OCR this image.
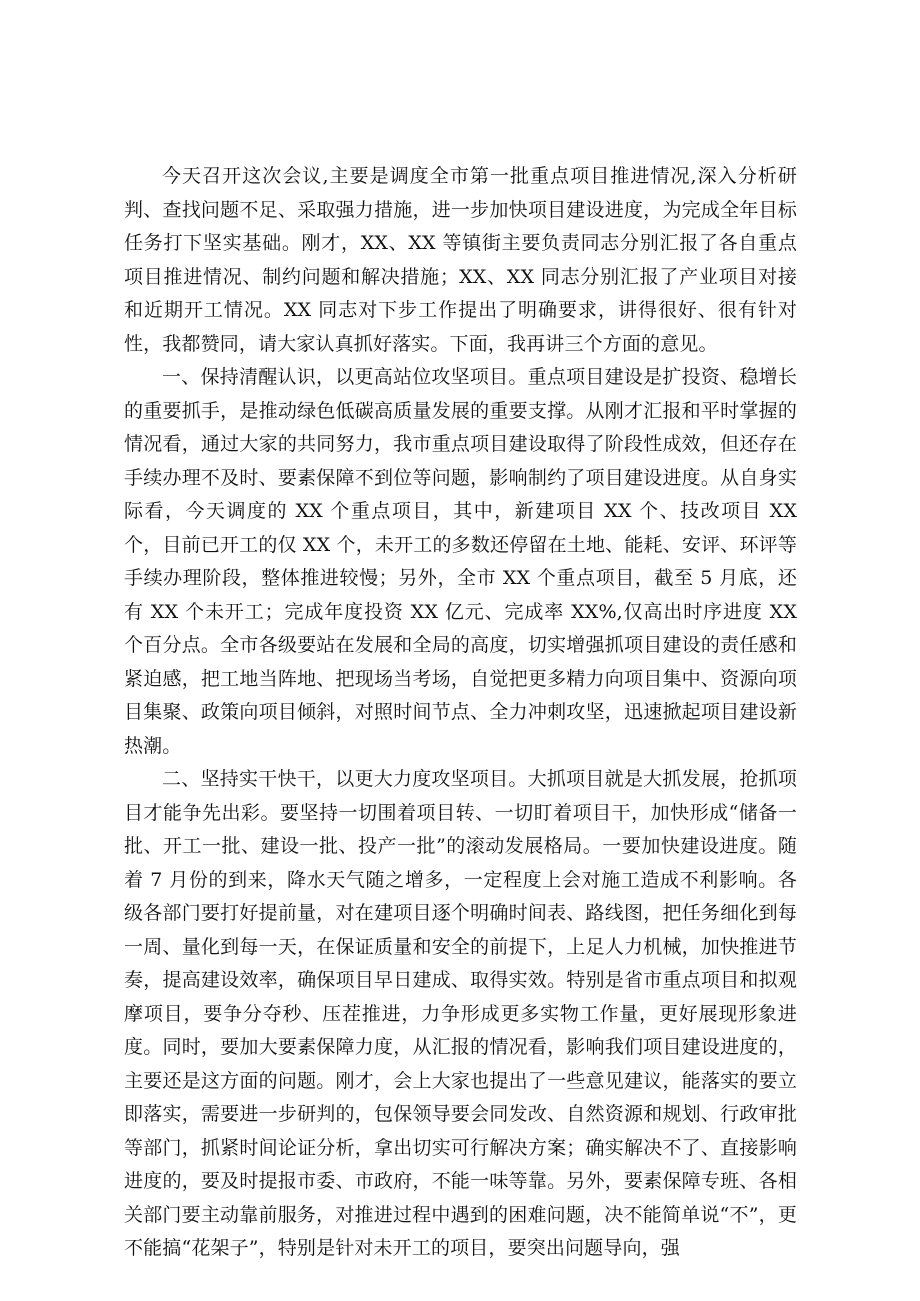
今天召开这次会议,主要是调度全市第一批重点项目推进情况,深入分析研判、查找问题不足、采取强力措施，进一步加快项目建设进度，为完成全年目标任务打下坚实基础。刚才，XX、XX 等镇街主要负责同志分别汇报了各自重点项目推进情况、制约问题和解决措施；XX、XX 同志分别汇报了产业项目对接和近期开工情况。XX 同志对下步工作提出了明确要求，讲得很好、很有针对性，我都赞同，请大家认真抓好落实。下面，我再讲三个方面的意见。

一、保持清醒认识，以更高站位攻坚项目。重点项目建设是扩投资、稳增长的重要抓手，是推动绿色低碳高质量发展的重要支撑。从刚才汇报和平时掌握的情况看，通过大家的共同努力，我市重点项目建设取得了阶段性成效，但还存在手续办理不及时、要素保障不到位等问题，影响制约了项目建设进度。从自身实际看，今天调度的 XX 个重点项目，其中，新建项目 XX 个、技改项目 XX 个，目前已开工的仅 XX 个，未开工的多数还停留在土地、能耗、安评、环评等手续办理阶段，整体推进较慢；另外，全市 XX 个重点项目，截至 5 月底，还有 XX 个未开工；完成年度投资 XX 亿元、完成率 XX%,仅高出时序进度 XX 个百分点。全市各级要站在发展和全局的高度，切实增强抓项目建设的责任感和紧迫感，把工地当阵地、把现场当考场，自觉把更多精力向项目集中、资源向项目集聚、政策向项目倾斜，对照时间节点、全力冲刺攻坚，迅速掀起项目建设新热潮。

二、坚持实干快干，以更大力度攻坚项目。大抓项目就是大抓发展，抢抓项目才能争先出彩。要坚持一切围着项目转、一切盯着项目干，加快形成“储备一批、开工一批、建设一批、投产一批”的滚动发展格局。一要加快建设进度。随着 7 月份的到来，降水天气随之增多，一定程度上会对施工造成不利影响。各级各部门要打好提前量，对在建项目逐个明确时间表、路线图，把任务细化到每一周、量化到每一天，在保证质量和安全的前提下，上足人力机械，加快推进节奏，提高建设效率，确保项目早日建成、取得实效。特别是省市重点项目和拟观摩项目，要争分夺秒、压茬推进，力争形成更多实物工作量，更好展现形象进度。同时，要加大要素保障力度，从汇报的情况看，影响我们项目建设进度的，主要还是这方面的问题。刚才，会上大家也提出了一些意见建议，能落实的要立即落实，需要进一步研判的，包保领导要会同发改、自然资源和规划、行政审批等部门，抓紧时间论证分析，拿出切实可行解决方案；确实解决不了、直接影响进度的，要及时提报市委、市政府，不能一味等靠。另外，要素保障专班、各相关部门要主动靠前服务，对推进过程中遇到的困难问题，决不能简单说“不”，更不能搞“花架子”，特别是针对未开工的项目，要突出问题导向，强
